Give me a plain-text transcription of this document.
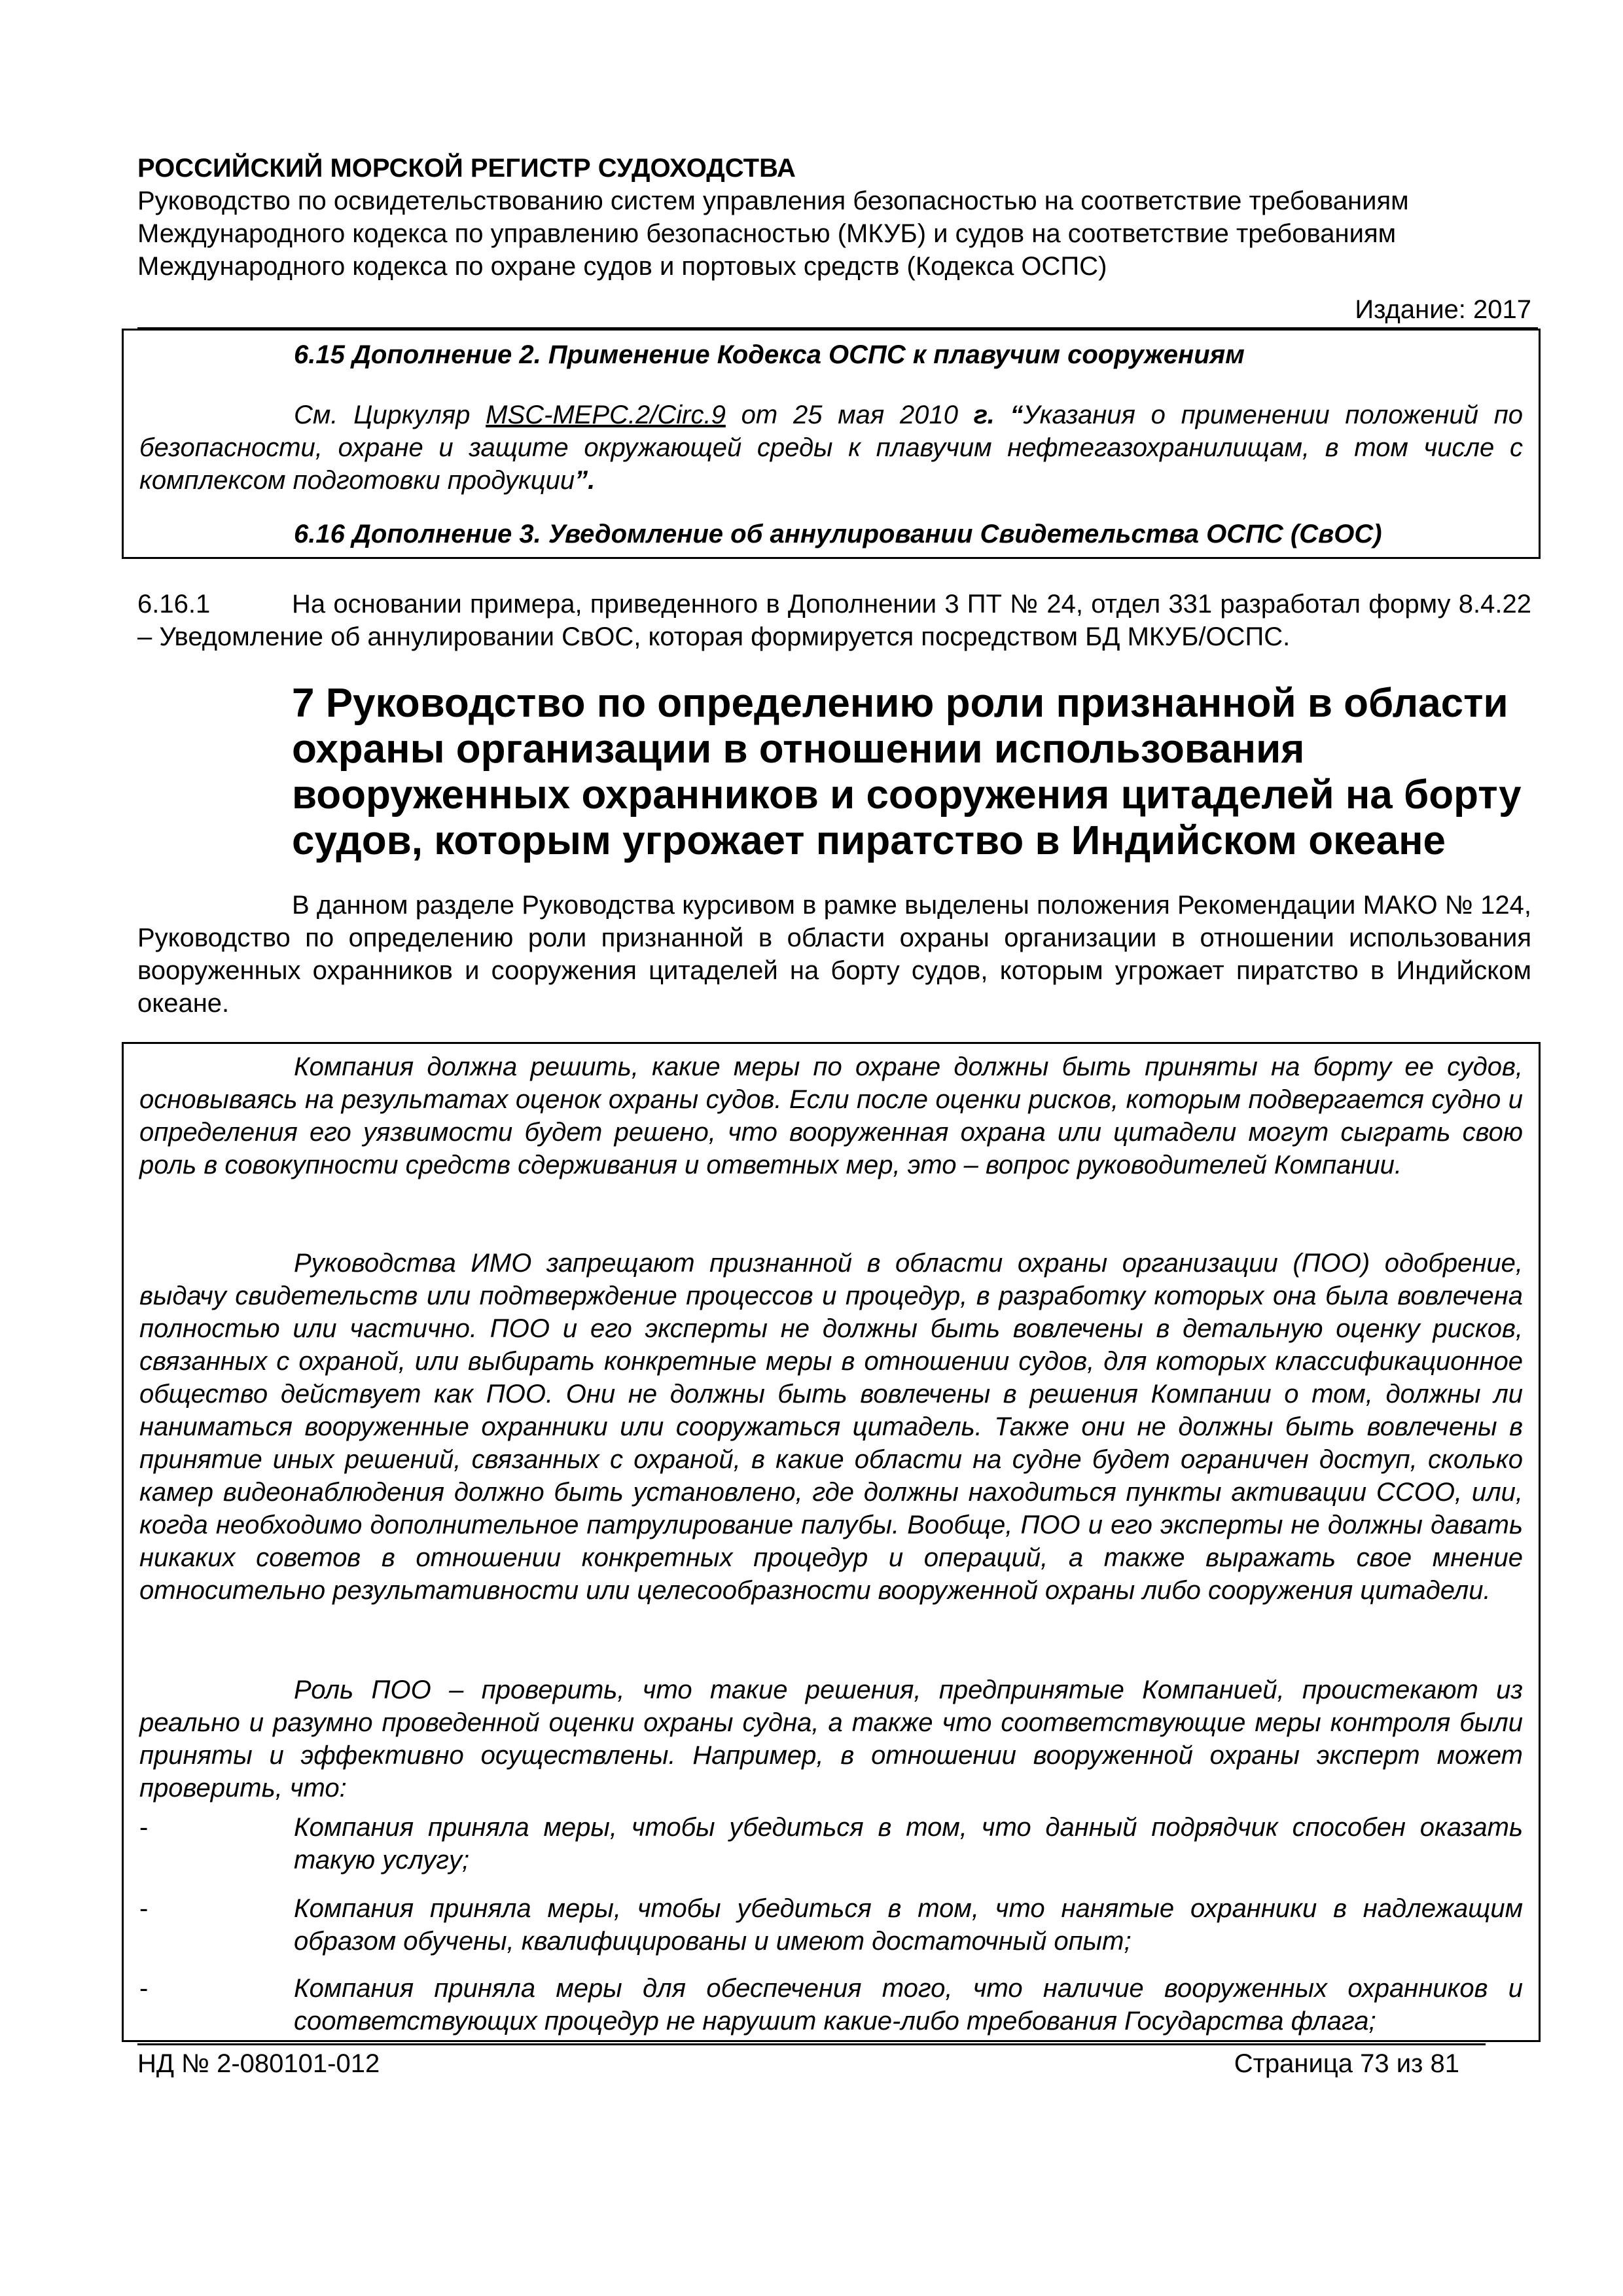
РОССИЙСКИЙ МОРСКОЙ РЕГИСТР СУДОХОДСТВА
Руководство по освидетельствованию систем управления безопасностью на соответствие требованиям
Международного кодекса по управлению безопасностью (МКУБ) и судов на соответствие требованиям
Международного кодекса по охране судов и портовых средств (Кодекса ОСПС)
Издание: 2017
6.15 Дополнение 2. Применение Кодекса ОСПС к плавучим сооружениям
См. Циркуляр MSC-MEPC.2/Circ.9 от 25 мая 2010 г. “Указания о применении положений по безопасности, охране и защите окружающей среды к плавучим нефтегазохранилищам, в том числе с комплексом подготовки продукции”.
6.16 Дополнение 3. Уведомление об аннулировании Свидетельства ОСПС (СвОС)
6.16.1	На основании примера, приведенного в Дополнении 3 ПТ № 24, отдел 331 разработал форму 8.4.22 – Уведомление об аннулировании СвОС, которая формируется посредством БД МКУБ/ОСПС.
7 Руководство по определению роли признанной в области охраны организации в отношении использования вооруженных охранников и сооружения цитаделей на борту судов, которым угрожает пиратство в Индийском океане
В данном разделе Руководства курсивом в рамке выделены положения Рекомендации МАКО № 124, Руководство по определению роли признанной в области охраны организации в отношении использования вооруженных охранников и сооружения цитаделей на борту судов, которым угрожает пиратство в Индийском океане.
Компания должна решить, какие меры по охране должны быть приняты на борту ее судов, основываясь на результатах оценок охраны судов. Если после оценки рисков, которым подвергается судно и определения его уязвимости будет решено, что вооруженная охрана или цитадели могут сыграть свою роль в совокупности средств сдерживания и ответных мер, это – вопрос руководителей Компании.
Руководства ИМО запрещают признанной в области охраны организации (ПОО) одобрение, выдачу свидетельств или подтверждение процессов и процедур, в разработку которых она была вовлечена полностью или частично. ПОО и его эксперты не должны быть вовлечены в детальную оценку рисков, связанных с охраной, или выбирать конкретные меры в отношении судов, для которых классификационное общество действует как ПОО. Они не должны быть вовлечены в решения Компании о том, должны ли наниматься вооруженные охранники или сооружаться цитадель. Также они не должны быть вовлечены в принятие иных решений, связанных с охраной, в какие области на судне будет ограничен доступ, сколько камер видеонаблюдения должно быть установлено, где должны находиться пункты активации СCОО, или, когда необходимо дополнительное патрулирование палубы. Вообще, ПОО и его эксперты не должны давать никаких советов в отношении конкретных процедур и операций, а также выражать свое мнение относительно результативности или целесообразности вооруженной охраны либо сооружения цитадели.
Роль ПОО – проверить, что такие решения, предпринятые Компанией, проистекают из реально и разумно проведенной оценки охраны судна, а также что соответствующие меры контроля были приняты и эффективно осуществлены. Например, в отношении вооруженной охраны эксперт может проверить, что:
-	Компания приняла меры, чтобы убедиться в том, что данный подрядчик способен оказать такую услугу;
-	Компания приняла меры, чтобы убедиться в том, что нанятые охранники в надлежащим образом обучены, квалифицированы и имеют достаточный опыт;
-	Компания приняла меры для обеспечения того, что наличие вооруженных охранников и соответствующих процедур не нарушит какие-либо требования Государства флага;
НД № 2-080101-012	Страница 73 из 81
